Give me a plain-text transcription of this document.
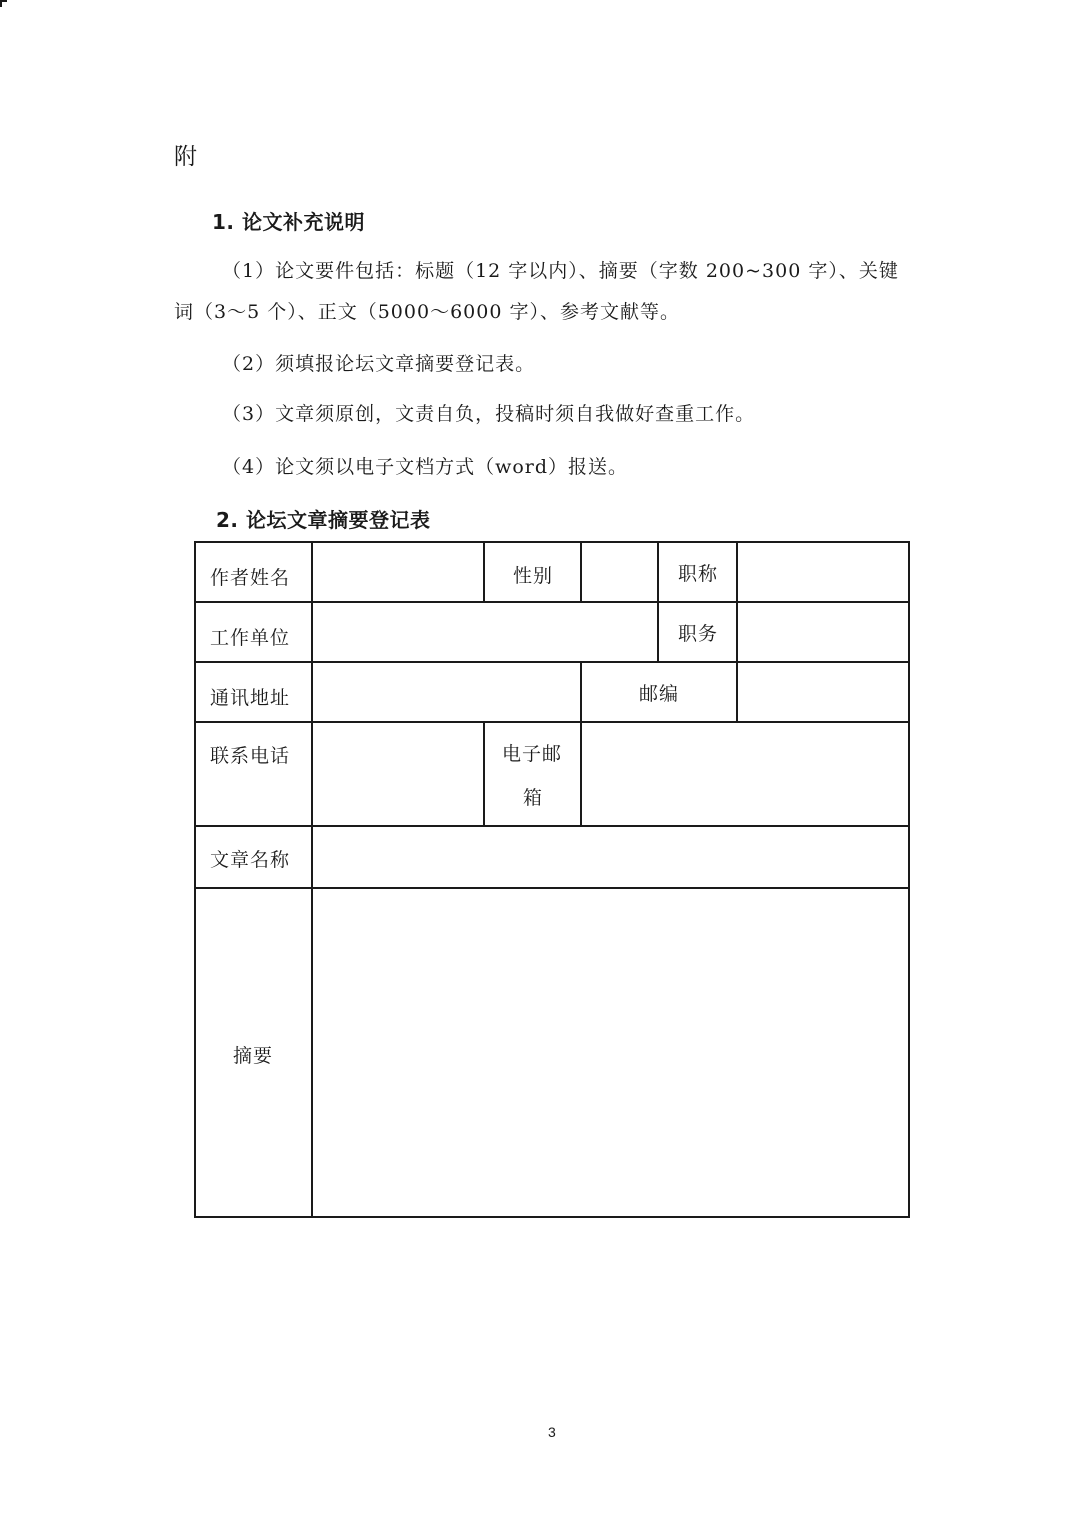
附
1. 论文补充说明
（1）论文要件包括：标题（12 字以内）、摘要（字数 200~300 字）、关键
词（3～5 个）、正文（5000～6000 字）、参考文献等。
（2）须填报论坛文章摘要登记表。
（3）文章须原创，文责自负，投稿时须自我做好查重工作。
（4）论文须以电子文档方式（word）报送。
2. 论坛文章摘要登记表
作者姓名	性别	职称
工作单位	职务
通讯地址	邮编
联系电话	电子邮
箱
文章名称
摘要
3
